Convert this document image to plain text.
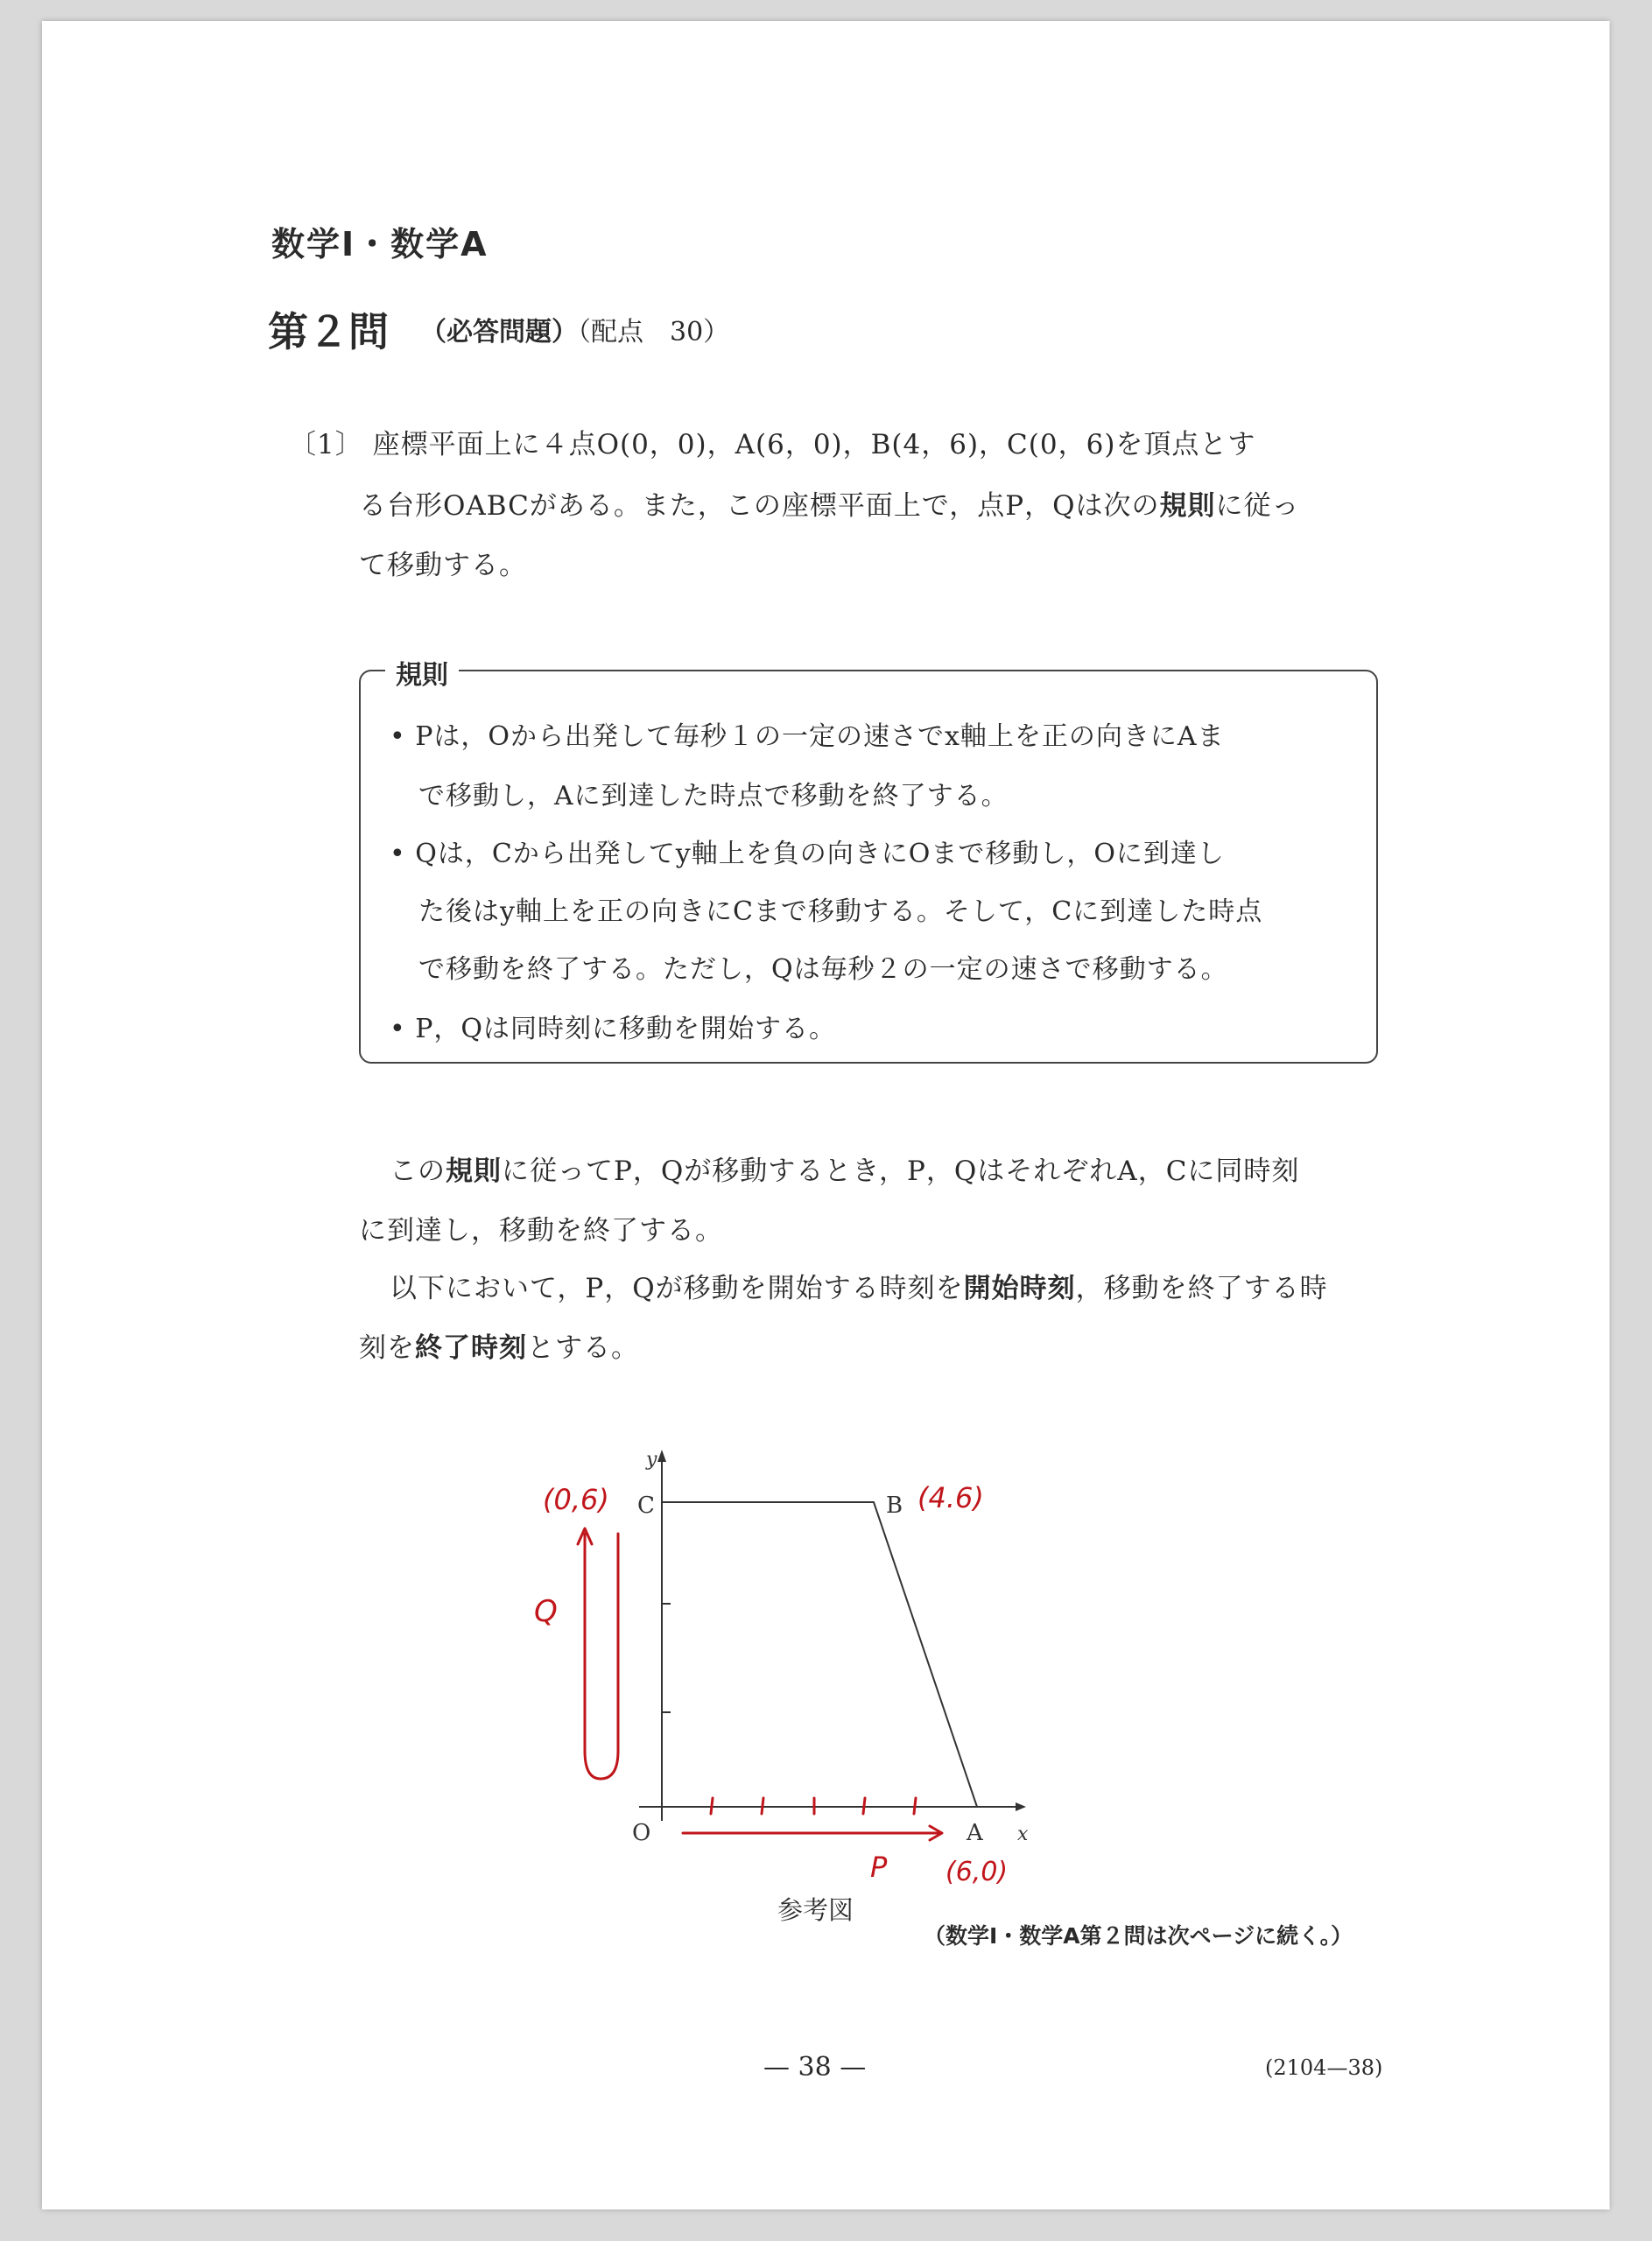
数学Ⅰ・数学A
第２問 （必答問題）（配点　30）
〔1〕 座標平面上に４点O(0，0)，A(6，0)，B(4，6)，C(0，6)を頂点とす
る台形OABCがある。また，この座標平面上で，点P，Qは次の規則に従っ
て移動する。
規則
• Pは，Oから出発して毎秒１の一定の速さでx軸上を正の向きにAま
で移動し，Aに到達した時点で移動を終了する。
• Qは，Cから出発してy軸上を負の向きにOまで移動し，Oに到達し
た後はy軸上を正の向きにCまで移動する。そして，Cに到達した時点
で移動を終了する。ただし，Qは毎秒２の一定の速さで移動する。
• P，Qは同時刻に移動を開始する。
この規則に従ってP，Qが移動するとき，P，QはそれぞれA，Cに同時刻
に到達し，移動を終了する。
以下において，P，Qが移動を開始する時刻を開始時刻，移動を終了する時
刻を終了時刻とする。
y
x
O	A
B
C
(0,6)	(4.6)
(6,0)
Q
P
参考図
（数学Ⅰ・数学A第２問は次ページに続く。）
— 38 —	(2104—38)
